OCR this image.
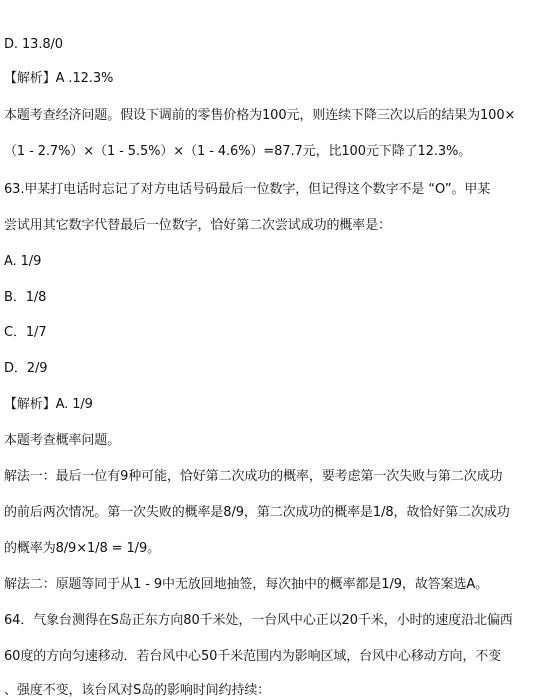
D. 13.8/0
【解析】A .12.3%
本题考查经济问题。假设下调前的零售价格为100元，则连续下降三次以后的结果为100×
（1 - 2.7%）×（1 - 5.5%）×（1 - 4.6%）=87.7元，比100元下降了12.3%。
63.甲某打电话时忘记了对方电话号码最后一位数字，但记得这个数字不是 “O”。甲某
尝试用其它数字代替最后一位数字，恰好第二次尝试成功的概率是：
A. 1/9
B．1/8
C．1/7
D．2/9
【解析】A. 1/9
本题考查概率问题。
解法一：最后一位有9种可能，恰好第二次成功的概率，要考虑第一次失败与第二次成功
的前后两次情况。第一次失败的概率是8/9，第二次成功的概率是1/8，故恰好第二次成功
的概率为8/9×1/8 = 1/9。
解法二：原题等同于从1 - 9中无放回地抽签，每次抽中的概率都是1/9，故答案选A。
64．气象台测得在S岛正东方向80千米处，一台风中心正以20千米，小时的速度沿北偏西
60度的方向匀速移动．若台风中心50千米范围内为影响区域，台风中心移动方向，不变
、强度不变，该台风对S岛的影响时间约持续：
